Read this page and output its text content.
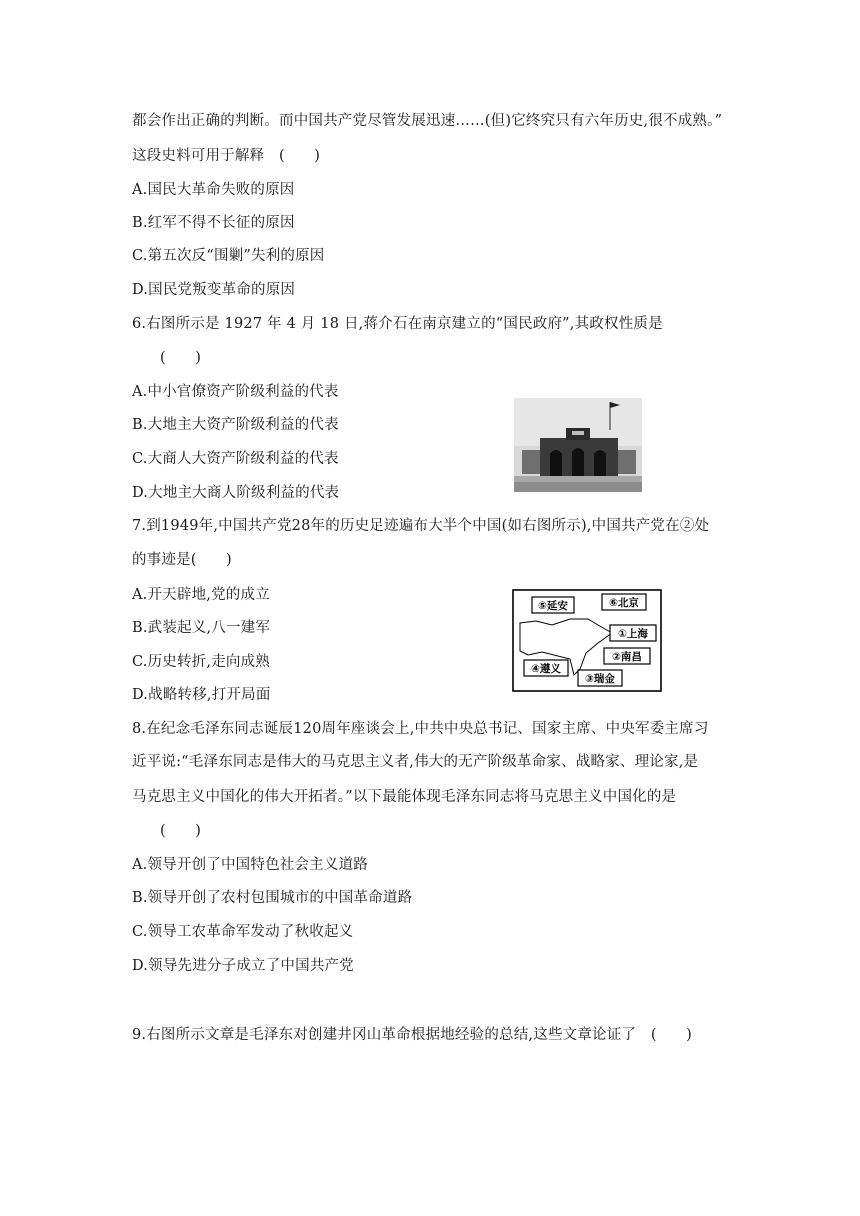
都会作出正确的判断。而中国共产党尽管发展迅速……(但)它终究只有六年历史,很不成熟。”
这段史料可用于解释　(　　)
A.国民大革命失败的原因
B.红军不得不长征的原因
C.第五次反“围剿”失利的原因
D.国民党叛变革命的原因
6.右图所示是 1927 年 4 月 18 日,蒋介石在南京建立的“国民政府”,其政权性质是
(　　)
A.中小官僚资产阶级利益的代表
B.大地主大资产阶级利益的代表
C.大商人大资产阶级利益的代表
D.大地主大商人阶级利益的代表
7.到1949年,中国共产党28年的历史足迹遍布大半个中国(如右图所示),中国共产党在②处
的事迹是(　　)
A.开天辟地,党的成立
B.武装起义,八一建军
C.历史转折,走向成熟
D.战略转移,打开局面
⑤延安	⑥北京
①上海
②南昌
④遵义
③瑞金
8.在纪念毛泽东同志诞辰120周年座谈会上,中共中央总书记、国家主席、中央军委主席习
近平说:“毛泽东同志是伟大的马克思主义者,伟大的无产阶级革命家、战略家、理论家,是
马克思主义中国化的伟大开拓者。”以下最能体现毛泽东同志将马克思主义中国化的是
(　　)
A.领导开创了中国特色社会主义道路
B.领导开创了农村包围城市的中国革命道路
C.领导工农革命军发动了秋收起义
D.领导先进分子成立了中国共产党
9.右图所示文章是毛泽东对创建井冈山革命根据地经验的总结,这些文章论证了　(　　)
